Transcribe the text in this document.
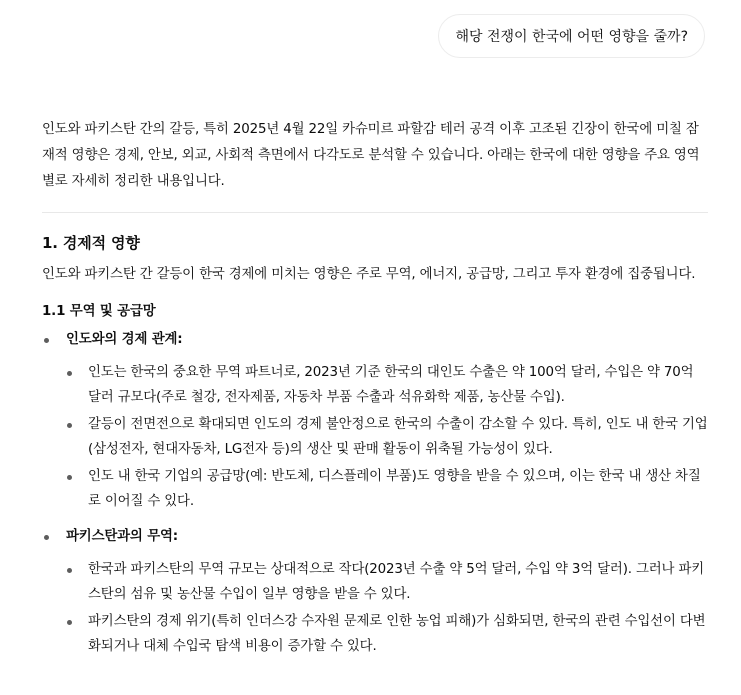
해당 전쟁이 한국에 어떤 영향을 줄까?

인도와 파키스탄 간의 갈등, 특히 2025년 4월 22일 카슈미르 파할감 테러 공격 이후 고조된 긴장이 한국에 미칠 잠재적 영향은 경제, 안보, 외교, 사회적 측면에서 다각도로 분석할 수 있습니다. 아래는 한국에 대한 영향을 주요 영역별로 자세히 정리한 내용입니다.

1. 경제적 영향

인도와 파키스탄 간 갈등이 한국 경제에 미치는 영향은 주로 무역, 에너지, 공급망, 그리고 투자 환경에 집중됩니다.

1.1 무역 및 공급망
인도와의 경제 관계:
인도는 한국의 중요한 무역 파트너로, 2023년 기준 한국의 대인도 수출은 약 100억 달러, 수입은 약 70억 달러 규모다(주로 철강, 전자제품, 자동차 부품 수출과 석유화학 제품, 농산물 수입).
갈등이 전면전으로 확대되면 인도의 경제 불안정으로 한국의 수출이 감소할 수 있다. 특히, 인도 내 한국 기업(삼성전자, 현대자동차, LG전자 등)의 생산 및 판매 활동이 위축될 가능성이 있다.
인도 내 한국 기업의 공급망(예: 반도체, 디스플레이 부품)도 영향을 받을 수 있으며, 이는 한국 내 생산 차질로 이어질 수 있다.
파키스탄과의 무역:
한국과 파키스탄의 무역 규모는 상대적으로 작다(2023년 수출 약 5억 달러, 수입 약 3억 달러). 그러나 파키스탄의 섬유 및 농산물 수입이 일부 영향을 받을 수 있다.
파키스탄의 경제 위기(특히 인더스강 수자원 문제로 인한 농업 피해)가 심화되면, 한국의 관련 수입선이 다변화되거나 대체 수입국 탐색 비용이 증가할 수 있다.
